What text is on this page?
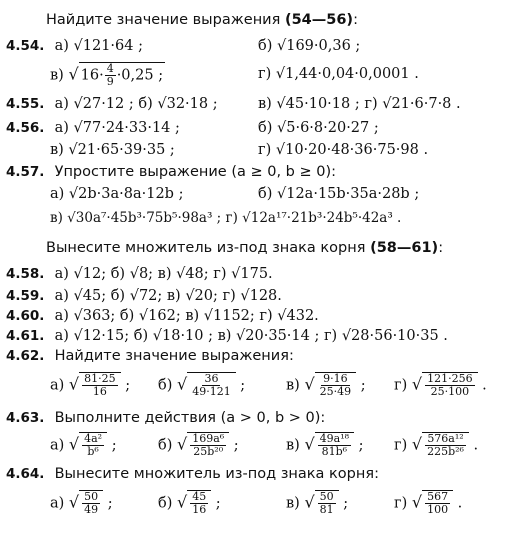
Найдите значение выражения (54—56):
4.54. а) √121·64 ;	б) √169·0,36 ;
в) √ $16\cdot \frac{4}{9} \cdot 0,25$ ;	г) √1,44·0,04·0,0001 .
4.55. а) √27·12 ; б) √32·18 ;	в) √45·10·18 ; г) √21·6·7·8 .
4.56. а) √77·24·33·14 ;	б) √5·6·8·20·27 ;
в) √21·65·39·35 ;	г) √10·20·48·36·75·98 .
4.57. Упростите выражение (a ≥ 0, b ≥ 0):
а) √2b·3a·8a·12b ;	б) √12a·15b·35a·28b ;
в) √30a⁷·45b³·75b⁵·98a³ ; г) √12a¹⁷·21b³·24b⁵·42a³ .
Вынесите множитель из-под знака корня (58—61):
4.58. а) √12; б) √8; в) √48; г) √175.
4.59. а) √45; б) √72; в) √20; г) √128.
4.60. а) √363; б) √162; в) √1152; г) √432.
4.61. а) √12·15; б) √18·10 ; в) √20·35·14 ; г) √28·56·10·35 .
4.62. Найдите значение выражения:
а) √ $\frac{81\cdot 25}{16}$ ; б) √ $\frac{36}{49\cdot 121}$ ;	в) √ $\frac{9\cdot 16}{25\cdot 49}$ ; г) √ $\frac{121\cdot 256}{25\cdot 100}$ .
4.63. Выполните действия (a > 0, b > 0):
а) √ $\frac{\text{4a²}}{\text{b⁶}}$ ;	б) √ $\frac{\text{169a⁶}}{\text{25b²⁰}}$ ;	в) √ $\frac{\text{49a¹⁸}}{\text{81b⁶}}$ ; г) √ $\frac{\text{576a¹²}}{\text{225b²⁶}}$ .
4.64. Вынесите множитель из-под знака корня:
а) √ $\frac{50}{49}$ ;	б) √ $\frac{45}{16}$ ;	в) √ $\frac{50}{81}$ ;	г) √ $\frac{567}{100}$ .
